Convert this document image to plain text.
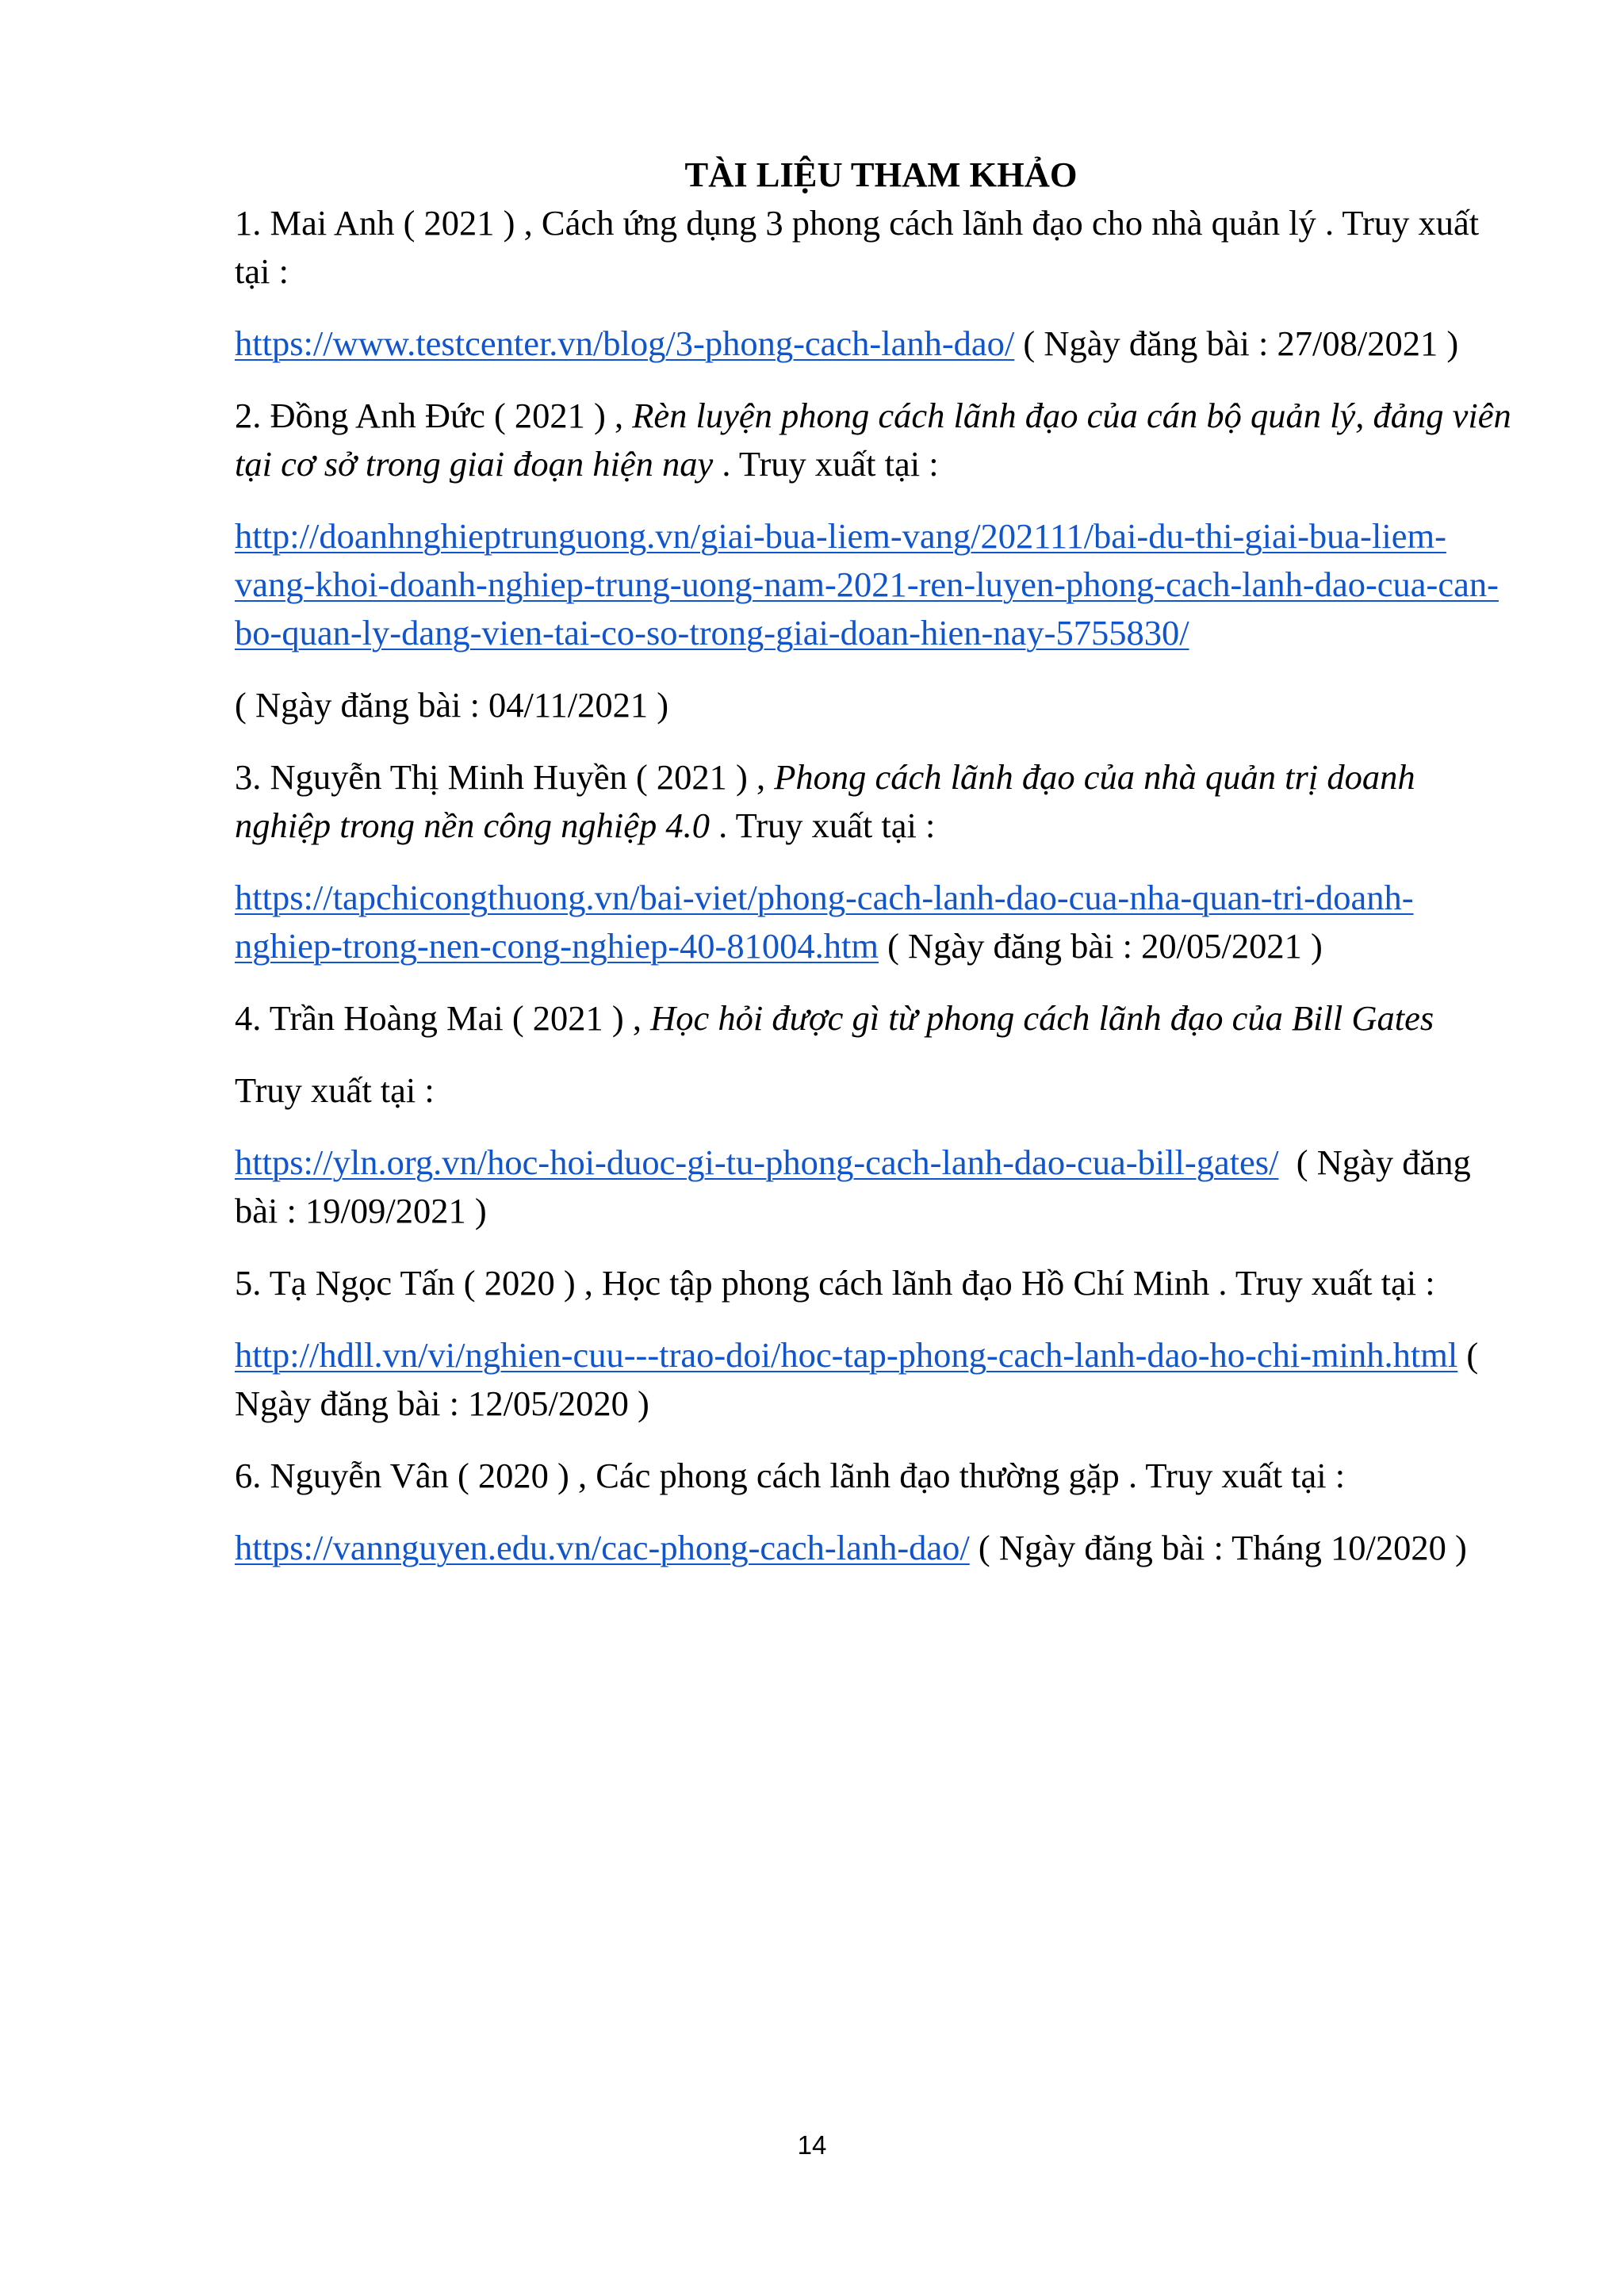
TÀI LIỆU THAM KHẢO

1. Mai Anh ( 2021 ) , Cách ứng dụng 3 phong cách lãnh đạo cho nhà quản lý . Truy xuất tại :

https://www.testcenter.vn/blog/3-phong-cach-lanh-dao/ ( Ngày đăng bài : 27/08/2021 )

2. Đồng Anh Đức ( 2021 ) , Rèn luyện phong cách lãnh đạo của cán bộ quản lý, đảng viên tại cơ sở trong giai đoạn hiện nay . Truy xuất tại :

http://doanhnghieptrunguong.vn/giai-bua-liem-vang/202111/bai-du-thi-giai-bua-liem-vang-khoi-doanh-nghiep-trung-uong-nam-2021-ren-luyen-phong-cach-lanh-dao-cua-can-bo-quan-ly-dang-vien-tai-co-so-trong-giai-doan-hien-nay-5755830/

( Ngày đăng bài : 04/11/2021 )

3. Nguyễn Thị Minh Huyền ( 2021 ) , Phong cách lãnh đạo của nhà quản trị doanh nghiệp trong nền công nghiệp 4.0 . Truy xuất tại :

https://tapchicongthuong.vn/bai-viet/phong-cach-lanh-dao-cua-nha-quan-tri-doanh-nghiep-trong-nen-cong-nghiep-40-81004.htm ( Ngày đăng bài : 20/05/2021 )

4. Trần Hoàng Mai ( 2021 ) , Học hỏi được gì từ phong cách lãnh đạo của Bill Gates

Truy xuất tại :

https://yln.org.vn/hoc-hoi-duoc-gi-tu-phong-cach-lanh-dao-cua-bill-gates/  ( Ngày đăng bài : 19/09/2021 )

5. Tạ Ngọc Tấn ( 2020 ) , Học tập phong cách lãnh đạo Hồ Chí Minh . Truy xuất tại :

http://hdll.vn/vi/nghien-cuu---trao-doi/hoc-tap-phong-cach-lanh-dao-ho-chi-minh.html ( Ngày đăng bài : 12/05/2020 )

6. Nguyễn Vân ( 2020 ) , Các phong cách lãnh đạo thường gặp . Truy xuất tại :

https://vannguyen.edu.vn/cac-phong-cach-lanh-dao/ ( Ngày đăng bài : Tháng 10/2020 )

14
